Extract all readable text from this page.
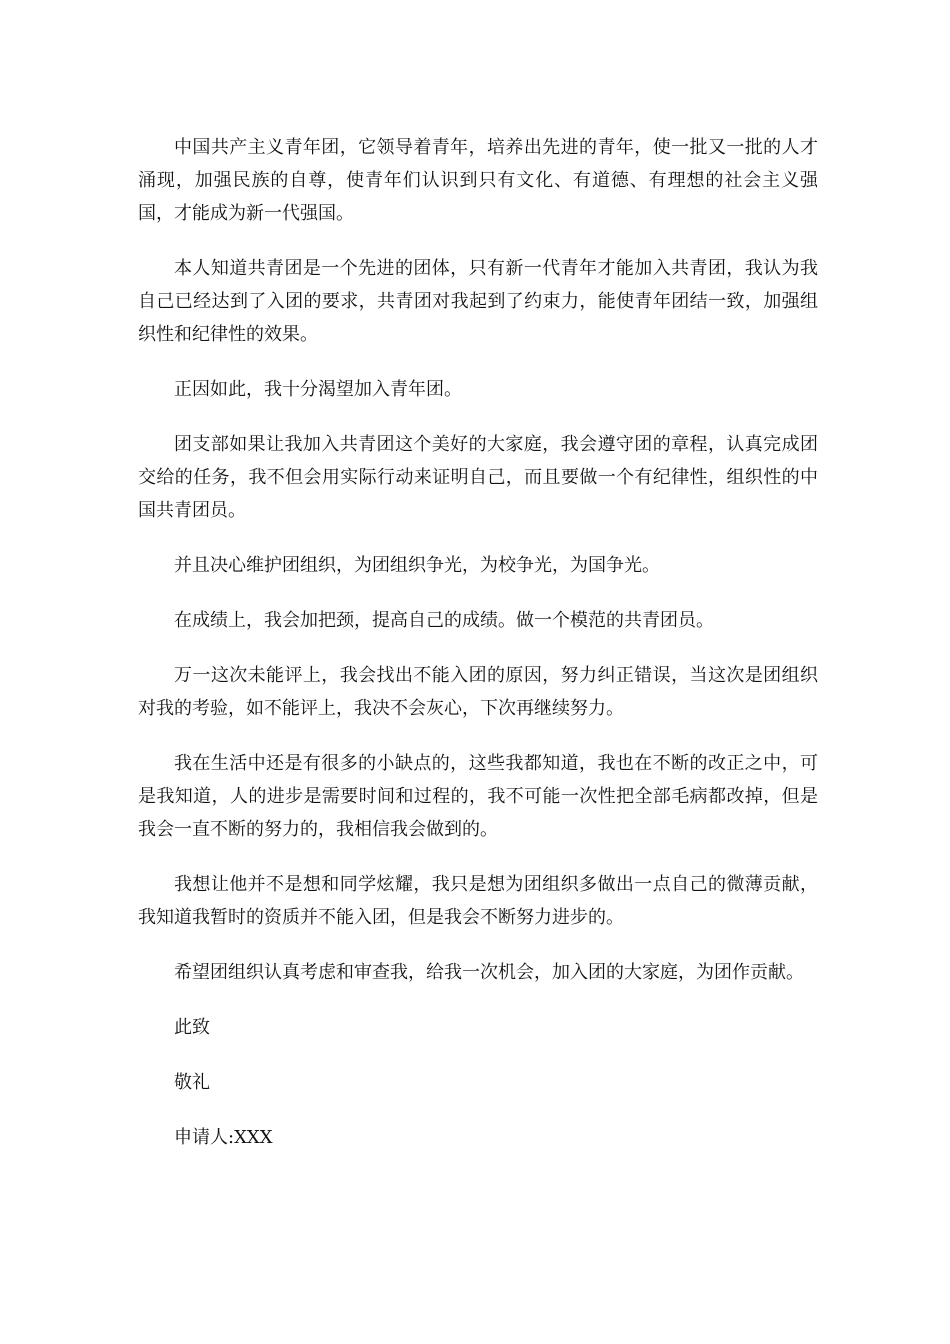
中国共产主义青年团，它领导着青年，培养出先进的青年，使一批又一批的人才涌现，加强民族的自尊，使青年们认识到只有文化、有道德、有理想的社会主义强国，才能成为新一代强国。

本人知道共青团是一个先进的团体，只有新一代青年才能加入共青团，我认为我自己已经达到了入团的要求，共青团对我起到了约束力，能使青年团结一致，加强组织性和纪律性的效果。

正因如此，我十分渴望加入青年团。

团支部如果让我加入共青团这个美好的大家庭，我会遵守团的章程，认真完成团交给的任务，我不但会用实际行动来证明自己，而且要做一个有纪律性，组织性的中国共青团员。

并且决心维护团组织，为团组织争光，为校争光，为国争光。

在成绩上，我会加把颈，提高自己的成绩。做一个模范的共青团员。

万一这次未能评上，我会找出不能入团的原因，努力纠正错误，当这次是团组织对我的考验，如不能评上，我决不会灰心，下次再继续努力。

我在生活中还是有很多的小缺点的，这些我都知道，我也在不断的改正之中，可是我知道，人的进步是需要时间和过程的，我不可能一次性把全部毛病都改掉，但是我会一直不断的努力的，我相信我会做到的。

我想让他并不是想和同学炫耀，我只是想为团组织多做出一点自己的微薄贡献，我知道我暂时的资质并不能入团，但是我会不断努力进步的。

希望团组织认真考虑和审查我，给我一次机会，加入团的大家庭，为团作贡献。

此致

敬礼

申请人:XXX
